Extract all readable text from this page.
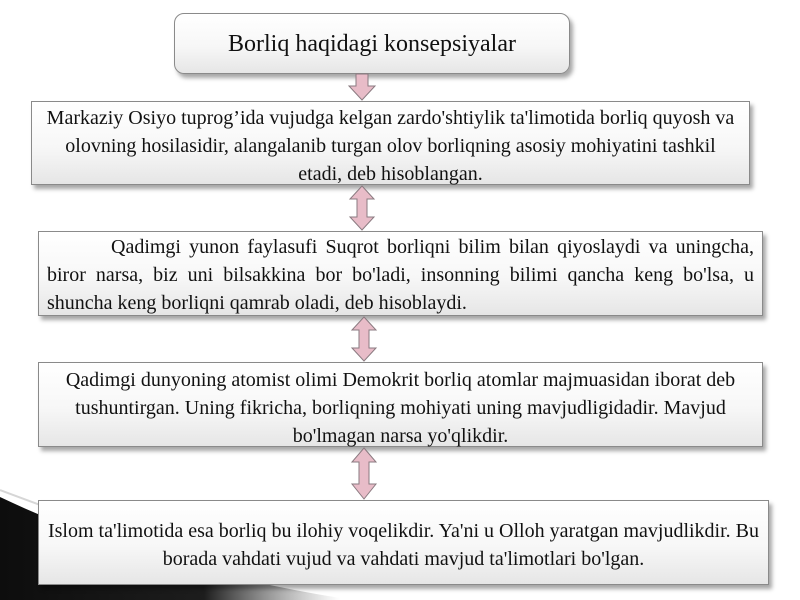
Borliq haqidagi konsepsiyalar
Markaziy Osiyo tuprog’ida vujudga kelgan zardo'shtiylik ta'limotida borliq quyosh va olovning hosilasidir, alangalanib turgan olov borliqning asosiy mohiyatini tashkil etadi, deb hisoblangan.
Qadimgi yunon faylasufi Suqrot borliqni bilim bilan qiyoslaydi va uningcha, biror narsa, biz uni bilsakkina bor bo'ladi, insonning bilimi qancha keng bo'lsa, u shuncha keng borliqni qamrab oladi, deb hisoblaydi.
Qadimgi dunyoning atomist olimi Demokrit borliq atomlar majmuasidan iborat deb tushuntirgan. Uning fikricha, borliqning mohiyati uning mavjudligidadir. Mavjud bo'lmagan narsa yo'qlikdir.
Islom ta'limotida esa borliq bu ilohiy voqelikdir. Ya'ni u Olloh yaratgan mavjudlikdir. Bu borada vahdati vujud va vahdati mavjud ta'limotlari bo'lgan.
